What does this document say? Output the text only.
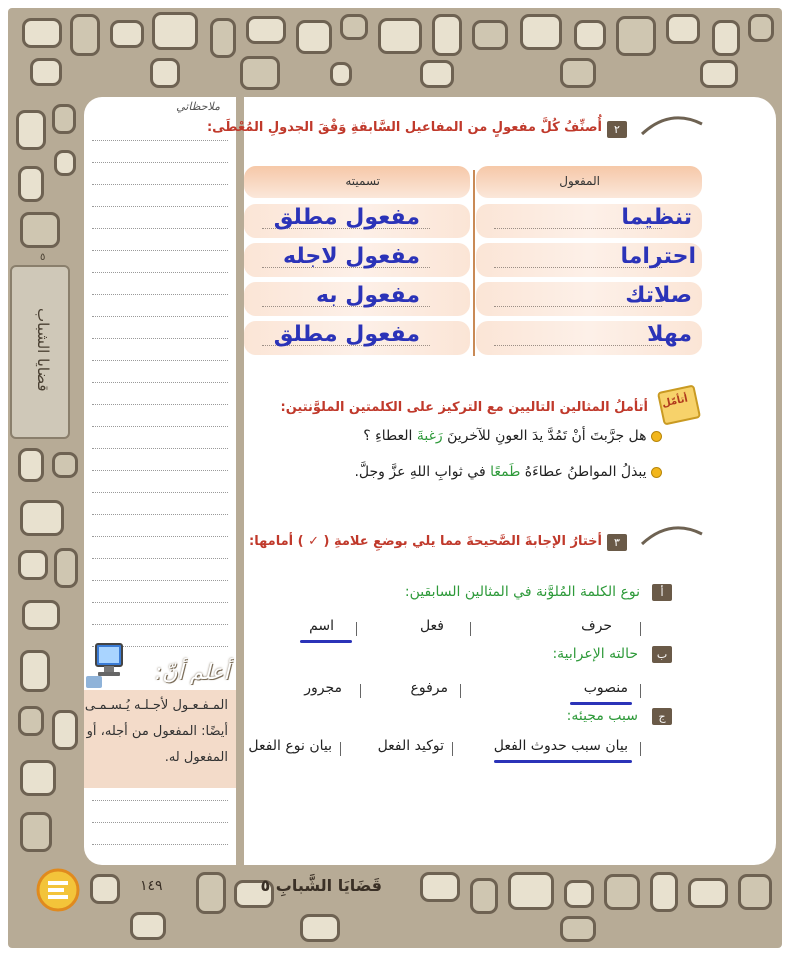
٥
قضايا الشباب
ملاحظاتي
أعلم أنّ:
المـفـعـول لأجـلـه يُـسـمـى
أيضًا: المفعول من أجله، أو
المفعول له.
٢
أُصنِّفُ كُلَّ مفعولٍ من المفاعيل السَّابقةِ وَفْقَ الجدولِ المُعْطَى:
المفعول
تسميته
تنظيما
مفعول مطلق
احتراما
مفعول لاجله
صلاتك
مفعول به
مهلا
مفعول مطلق
أتأمّل
أتأملُ المثالين التاليين مع التركيز على الكلمتين الملوَّنتين:
هل جرَّبتَ أنْ تَمُدَّ يدَ العونِ للآخرينَ رَغبةَ العطاءِ ؟
يبذلُ المواطنُ عطاءَهُ طَمعًا في ثوابِ اللهِ عزَّ وجلَّ.
٣
أختارُ الإجابةَ الصَّحيحةَ مما يلي بوضعِ علامةِ ( ✓ ) أمامها:
أ
نوع الكلمة المُلوَّنة في المثالين السابقين:
حرف
فعل
اسم
ب
حالته الإعرابية:
منصوب
مرفوع
مجرور
ج
سبب مجيئه:
بيان سبب حدوث الفعل
توكيد الفعل
بيان نوع الفعل
١٤٩	قَضَايَا الشَّبابِ ٥
